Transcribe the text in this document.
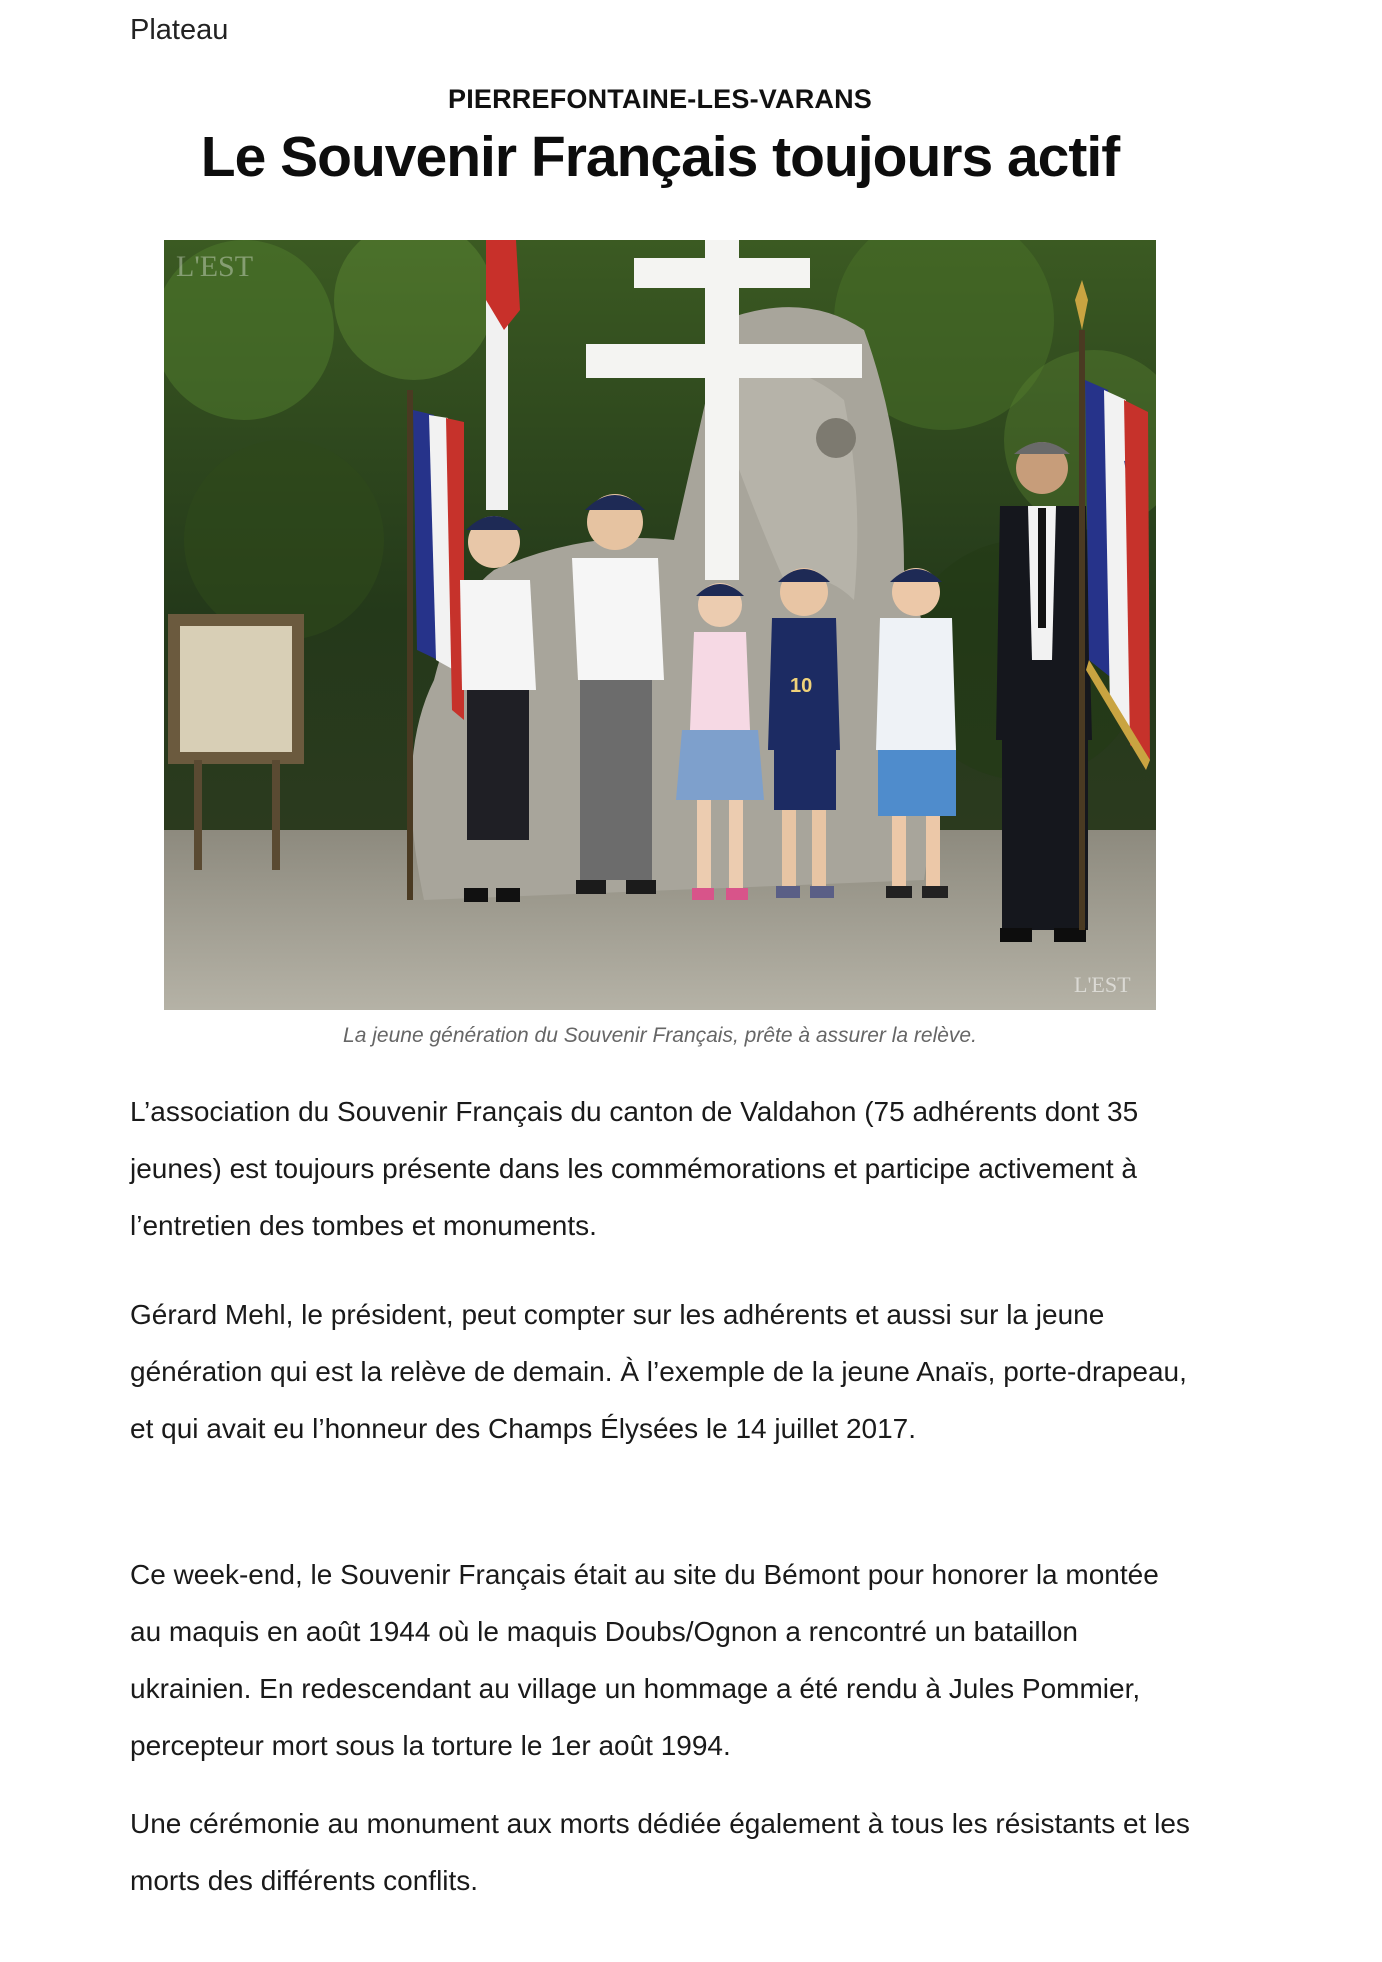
Plateau
PIERREFONTAINE-LES-VARANS
Le Souvenir Français toujours actif
L'EST
L'EST
10
La jeune génération du Souvenir Français, prête à assurer la relève.

L’association du Souvenir Français du canton de Valdahon (75 adhérents dont 35 jeunes) est toujours présente dans les commémorations et participe activement à l’entretien des tombes et monuments.

Gérard Mehl, le président, peut compter sur les adhérents et aussi sur la jeune génération qui est la relève de demain. À l’exemple de la jeune Anaïs, porte-drapeau, et qui avait eu l’honneur des Champs Élysées le 14 juillet 2017.

Ce week-end, le Souvenir Français était au site du Bémont pour honorer la montée au maquis en août 1944 où le maquis Doubs/Ognon a rencontré un bataillon ukrainien. En redescendant au village un hommage a été rendu à Jules Pommier, percepteur mort sous la torture le 1er août 1994.

Une cérémonie au monument aux morts dédiée également à tous les résistants et les morts des différents conflits.
